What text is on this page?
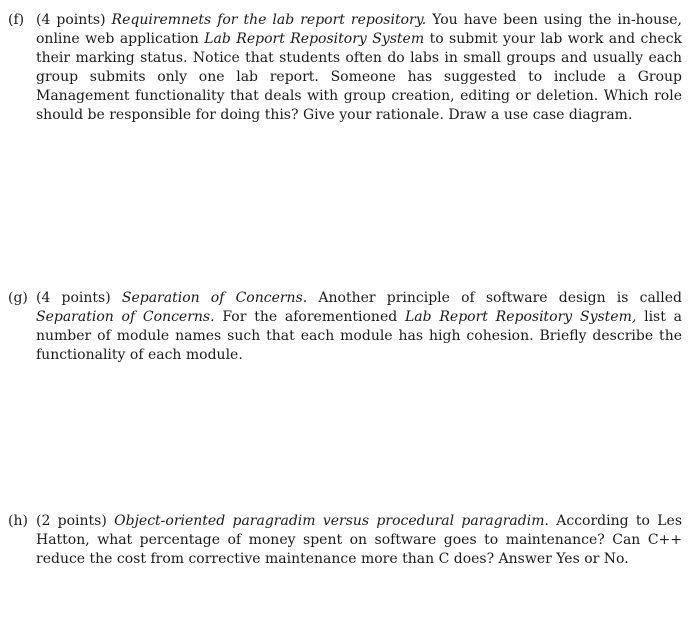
(f) (4 points) Requiremnets for the lab report repository. You have been using the in-house, online web application Lab Report Repository System to submit your lab work and check their marking status. Notice that students often do labs in small groups and usually each group submits only one lab report. Someone has suggested to include a Group Management functionality that deals with group creation, editing or deletion. Which role should be responsible for doing this? Give your rationale. Draw a use case diagram.
(g) (4 points) Separation of Concerns. Another principle of software design is called Separation of Concerns. For the aforementioned Lab Report Repository System, list a number of module names such that each module has high cohesion. Briefly describe the functionality of each module.
(h) (2 points) Object-oriented paragradim versus procedural paragradim. According to Les Hatton, what percentage of money spent on software goes to maintenance? Can C++ reduce the cost from corrective maintenance more than C does? Answer Yes or No.
